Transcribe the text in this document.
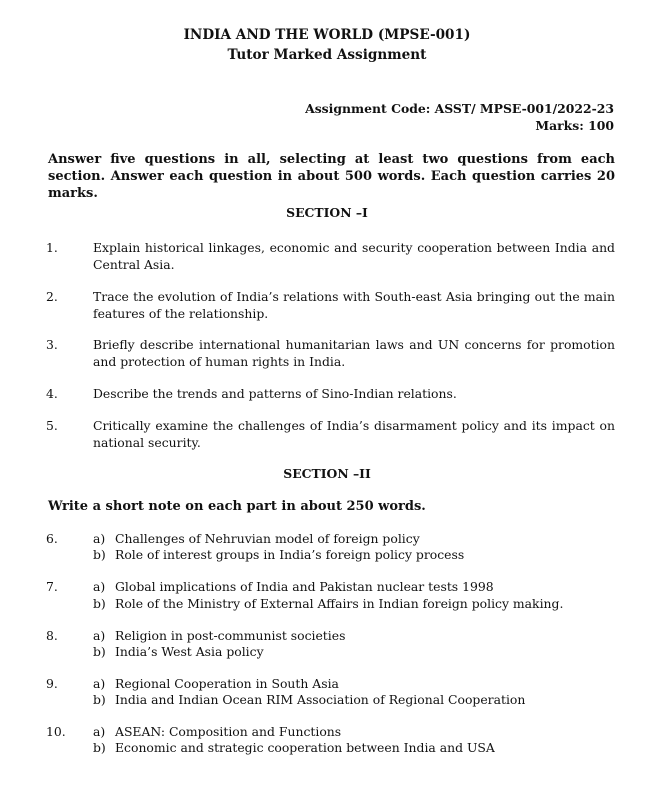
INDIA AND THE WORLD (MPSE-001)
Tutor Marked Assignment
Assignment Code: ASST/ MPSE-001/2022-23
Marks: 100
Answer five questions in all, selecting at least two questions from each section. Answer each question in about 500 words. Each question carries 20 marks.
SECTION –I
1.	Explain historical linkages, economic and security cooperation between India and Central Asia.
2.	Trace the evolution of India’s relations with South-east Asia bringing out the main features of the relationship.
3.	Briefly describe international humanitarian laws and UN concerns for promotion and protection of human rights in India.
4.	Describe the trends and patterns of Sino-Indian relations.
5.	Critically examine the challenges of India’s disarmament policy and its impact on national security.
SECTION –II
Write a short note on each part in about 250 words.
6.	a) Challenges of Nehruvian model of foreign policy
b) Role of interest groups in India’s foreign policy process
7.	a) Global implications of India and Pakistan nuclear tests 1998
b) Role of the Ministry of External Affairs in Indian foreign policy making.
8.	a) Religion in post-communist societies
b) India’s West Asia policy
9.	a) Regional Cooperation in South Asia
b) India and Indian Ocean RIM Association of Regional Cooperation
10.	a) ASEAN: Composition and Functions
b) Economic and strategic cooperation between India and USA
